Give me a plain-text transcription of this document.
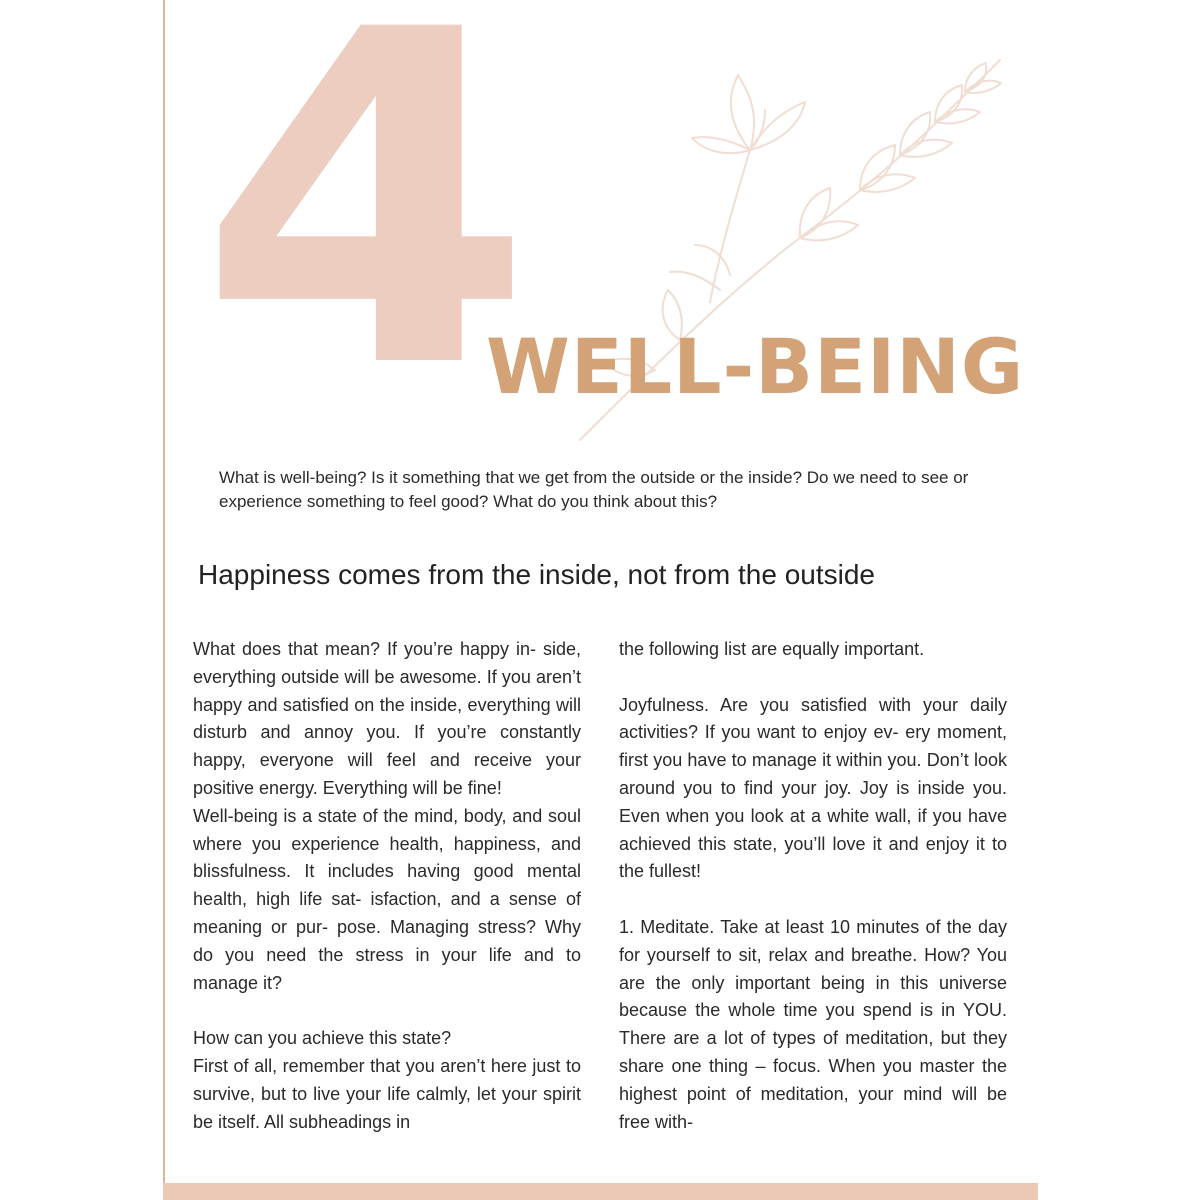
4
WELL-BEING
What is well-being? Is it something that we get from the outside or the inside? Do we need to see or experience something to feel good? What do you think about this?
Happiness comes from the inside, not from the outside

What does that mean? If you’re happy in- side, everything outside will be awesome. If you aren’t happy and satisfied on the inside, everything will disturb and annoy you. If you’re constantly happy, everyone will feel and receive your positive energy. Everything will be fine!

Well-being is a state of the mind, body, and soul where you experience health, happiness, and blissfulness. It includes having good mental health, high life sat- isfaction, and a sense of meaning or pur- pose. Managing stress? Why do you need the stress in your life and to manage it?

How can you achieve this state?

First of all, remember that you aren’t here just to survive, but to live your life calmly, let your spirit be itself. All subheadings in

the following list are equally important.

Joyfulness. Are you satisfied with your daily activities? If you want to enjoy ev- ery moment, first you have to manage it within you. Don’t look around you to find your joy. Joy is inside you. Even when you look at a white wall, if you have achieved this state, you’ll love it and enjoy it to the fullest!

1. Meditate. Take at least 10 minutes of the day for yourself to sit, relax and breathe. How? You are the only important being in this universe because the whole time you spend is in YOU. There are a lot of types of meditation, but they share one thing – focus. When you master the highest point of meditation, your mind will be free with-
